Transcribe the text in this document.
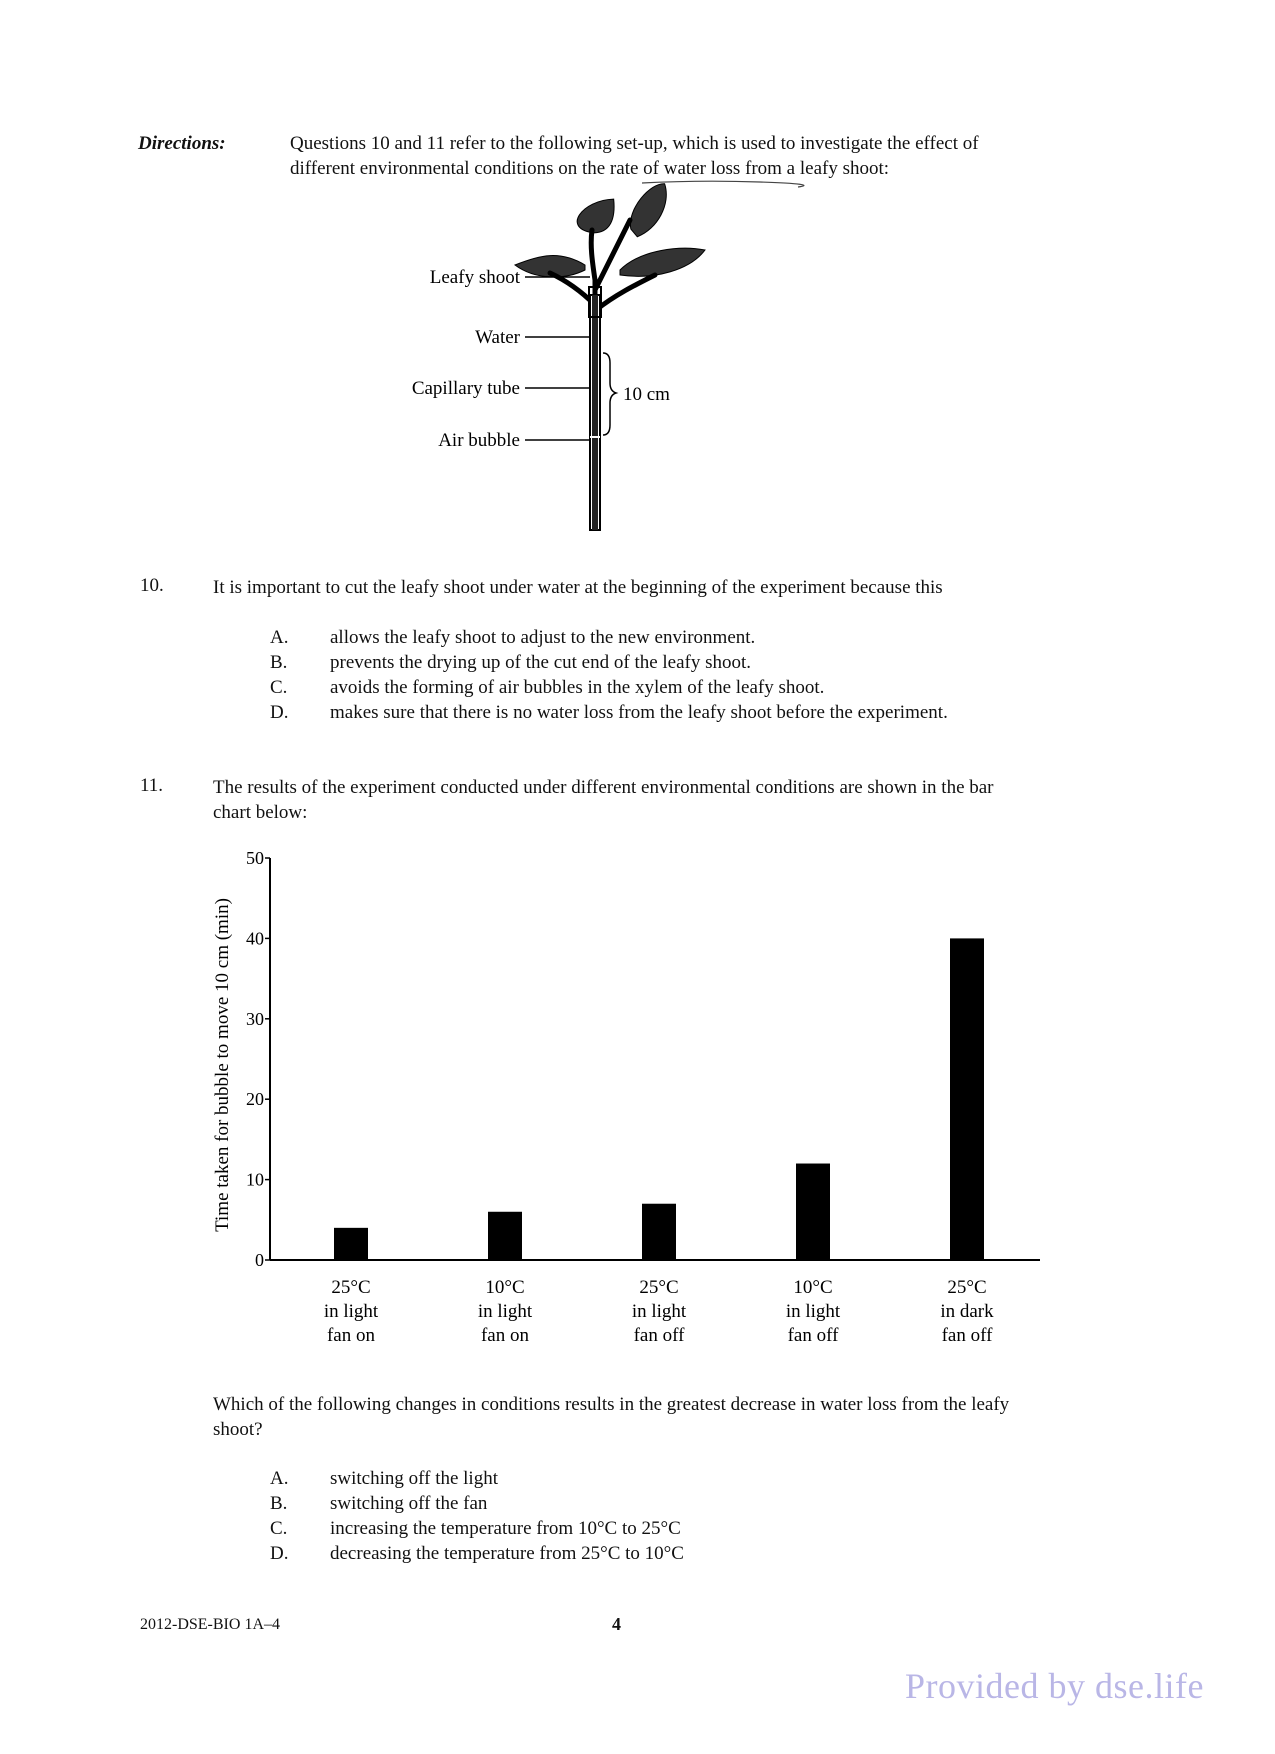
Directions:	Questions 10 and 11 refer to the following set-up, which is used to investigate the effect of
different environmental conditions on the rate of water loss from a leafy shoot:
Leafy shoot
Water
Capillary tube
Air bubble
10 cm
10.	It is important to cut the leafy shoot under water at the beginning of the experiment because this
A. allows the leafy shoot to adjust to the new environment.
B. prevents the drying up of the cut end of the leafy shoot.
C. avoids the forming of air bubbles in the xylem of the leafy shoot.
D. makes sure that there is no water loss from the leafy shoot before the experiment.
11.	The results of the experiment conducted under different environmental conditions are shown in the bar
chart below:
0
10
20
30
40
50
25°C
in light
fan on
10°C
in light
fan on
25°C
in light
fan off
10°C
in light
fan off
25°C
in dark
fan off
Time taken for bubble to move 10 cm (min)
Which of the following changes in conditions results in the greatest decrease in water loss from the leafy
shoot?
A. switching off the light
B. switching off the fan
C. increasing the temperature from 10°C to 25°C
D. decreasing the temperature from 25°C to 10°C
2012-DSE-BIO 1A–4	4
Provided by dse.life
